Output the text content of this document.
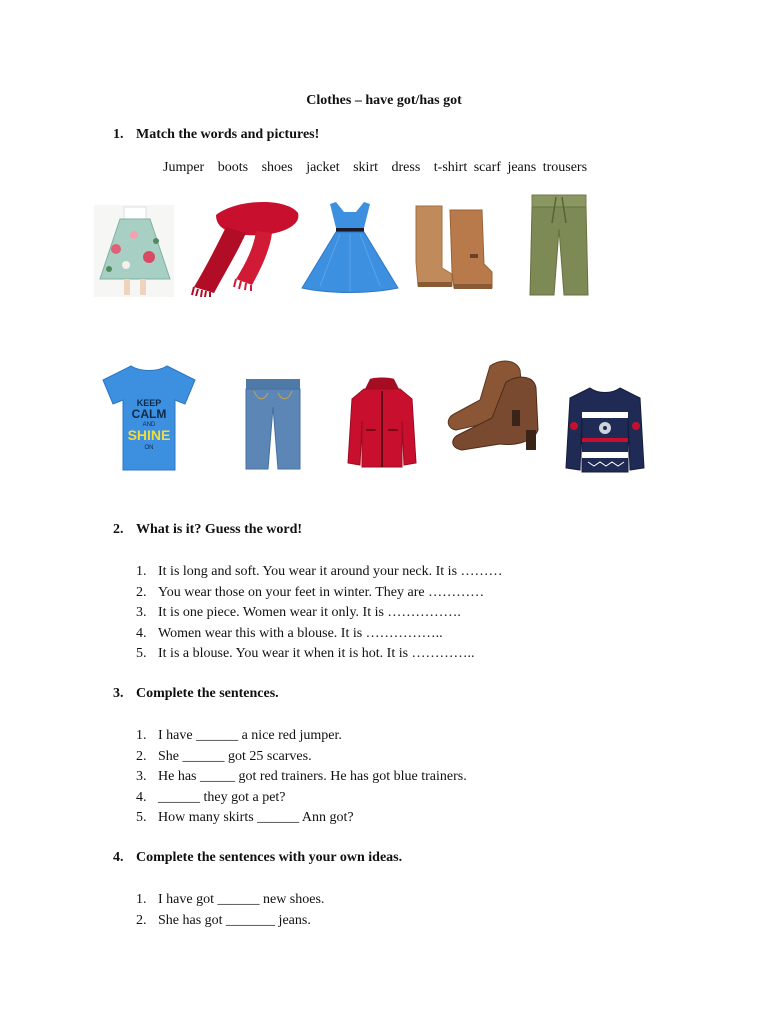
Clothes – have got/has got
1. Match the words and pictures!
Jumper boots shoes jacket skirt dress t-shirt scarf jeans trousers
KEEP
CALM
AND
SHINE
ON
2. What is it? Guess the word!
1. It is long and soft. You wear it around your neck. It is ………
2. You wear those on your feet in winter. They are …………
3. It is one piece. Women wear it only. It is …………….
4. Women wear this with a blouse. It is ……………..
5. It is a blouse. You wear it when it is hot. It is …………..
3. Complete the sentences.
1. I have ______ a nice red jumper.
2. She ______ got 25 scarves.
3. He has _____ got red trainers. He has got blue trainers.
4. ______ they got a pet?
5. How many skirts ______ Ann got?
4. Complete the sentences with your own ideas.
1. I have got ______ new shoes.
2. She has got _______ jeans.
